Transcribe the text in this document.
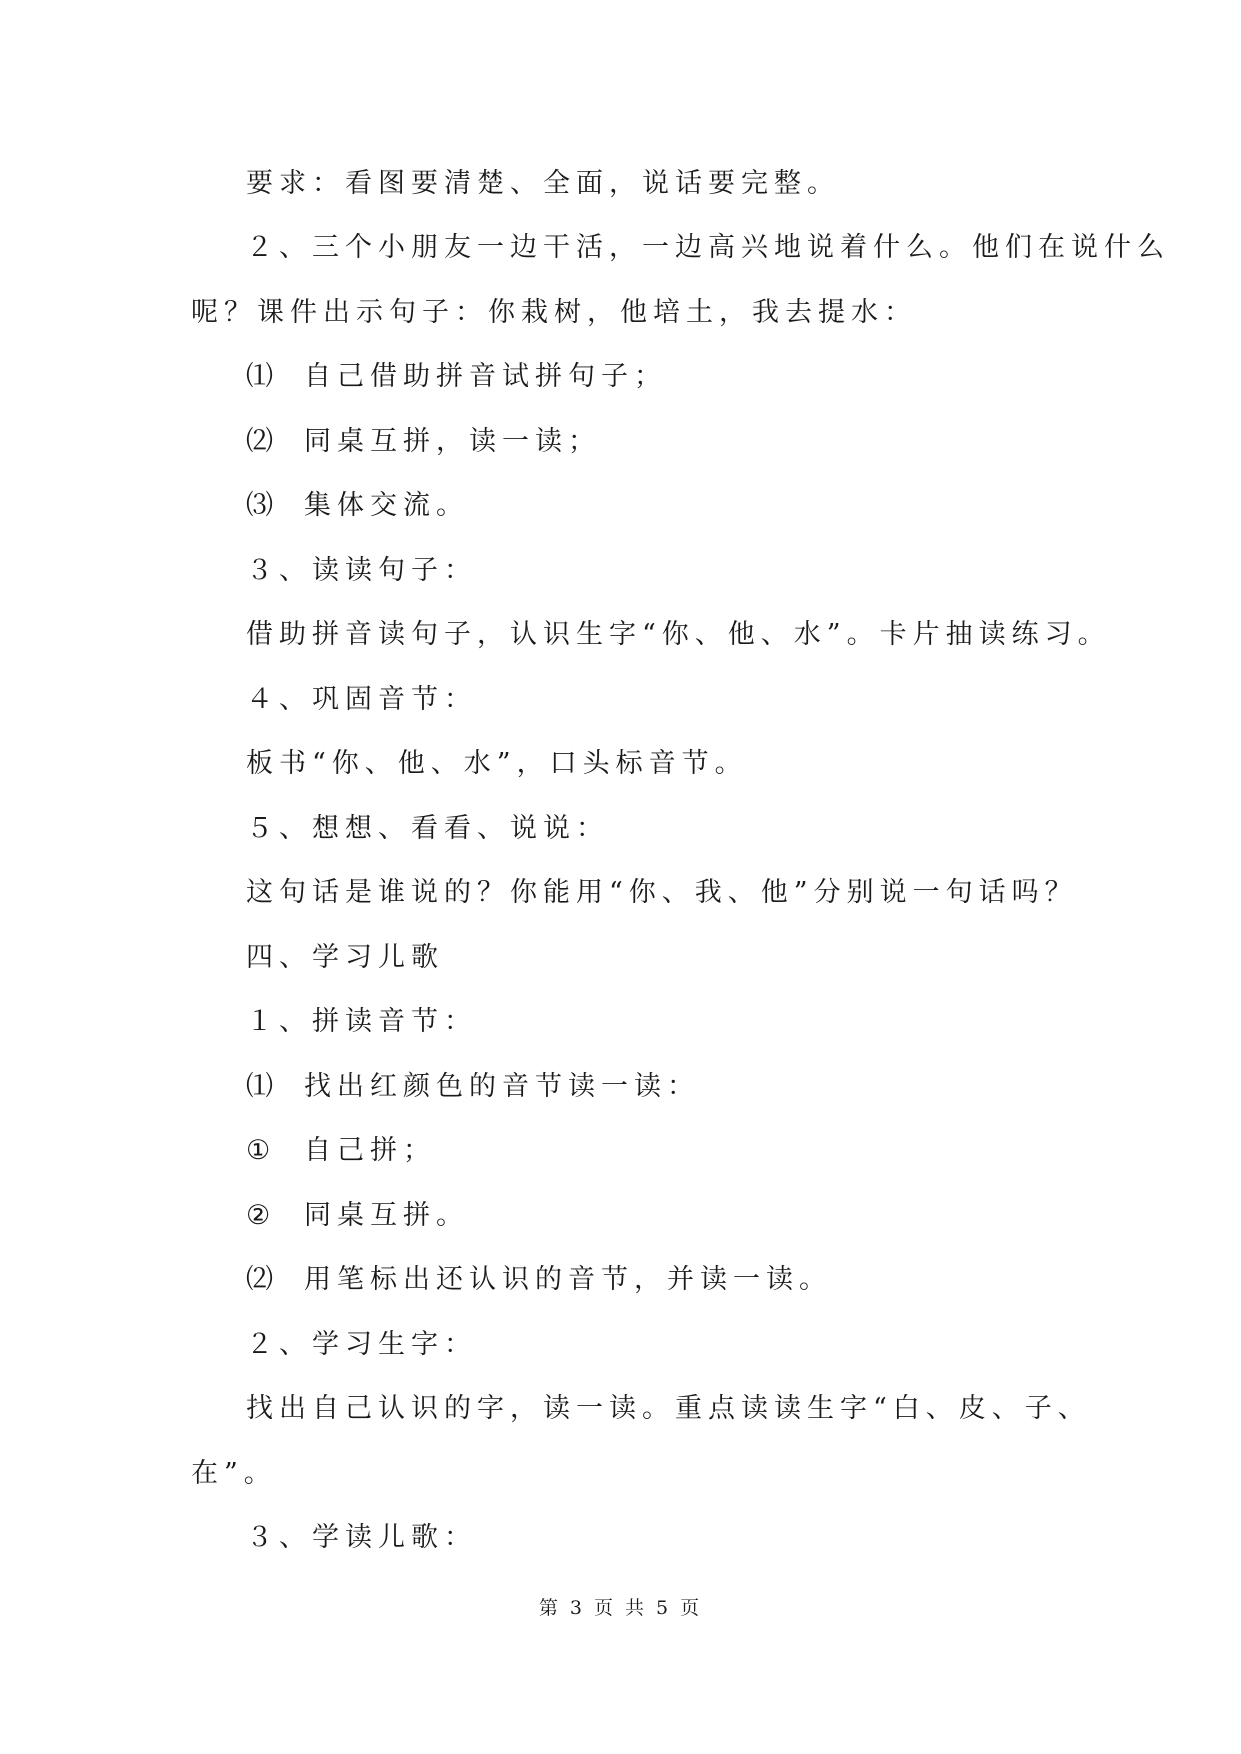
要求：看图要清楚、全面，说话要完整。
２、三个小朋友一边干活，一边高兴地说着什么。他们在说什么
呢？课件出示句子：你栽树，他培土，我去提水：
⑴ 自己借助拼音试拼句子；
⑵ 同桌互拼，读一读；
⑶ 集体交流。
３、读读句子：
借助拼音读句子，认识生字“你、他、水”。卡片抽读练习。
４、巩固音节：
板书“你、他、水”，口头标音节。
５、想想、看看、说说：
这句话是谁说的？你能用“你、我、他”分别说一句话吗？
四、学习儿歌
１、拼读音节：
⑴ 找出红颜色的音节读一读：
① 自己拼；
② 同桌互拼。
⑵ 用笔标出还认识的音节，并读一读。
２、学习生字：
找出自己认识的字，读一读。重点读读生字“白、皮、子、
在”。
３、学读儿歌：
第 3 页 共 5 页
